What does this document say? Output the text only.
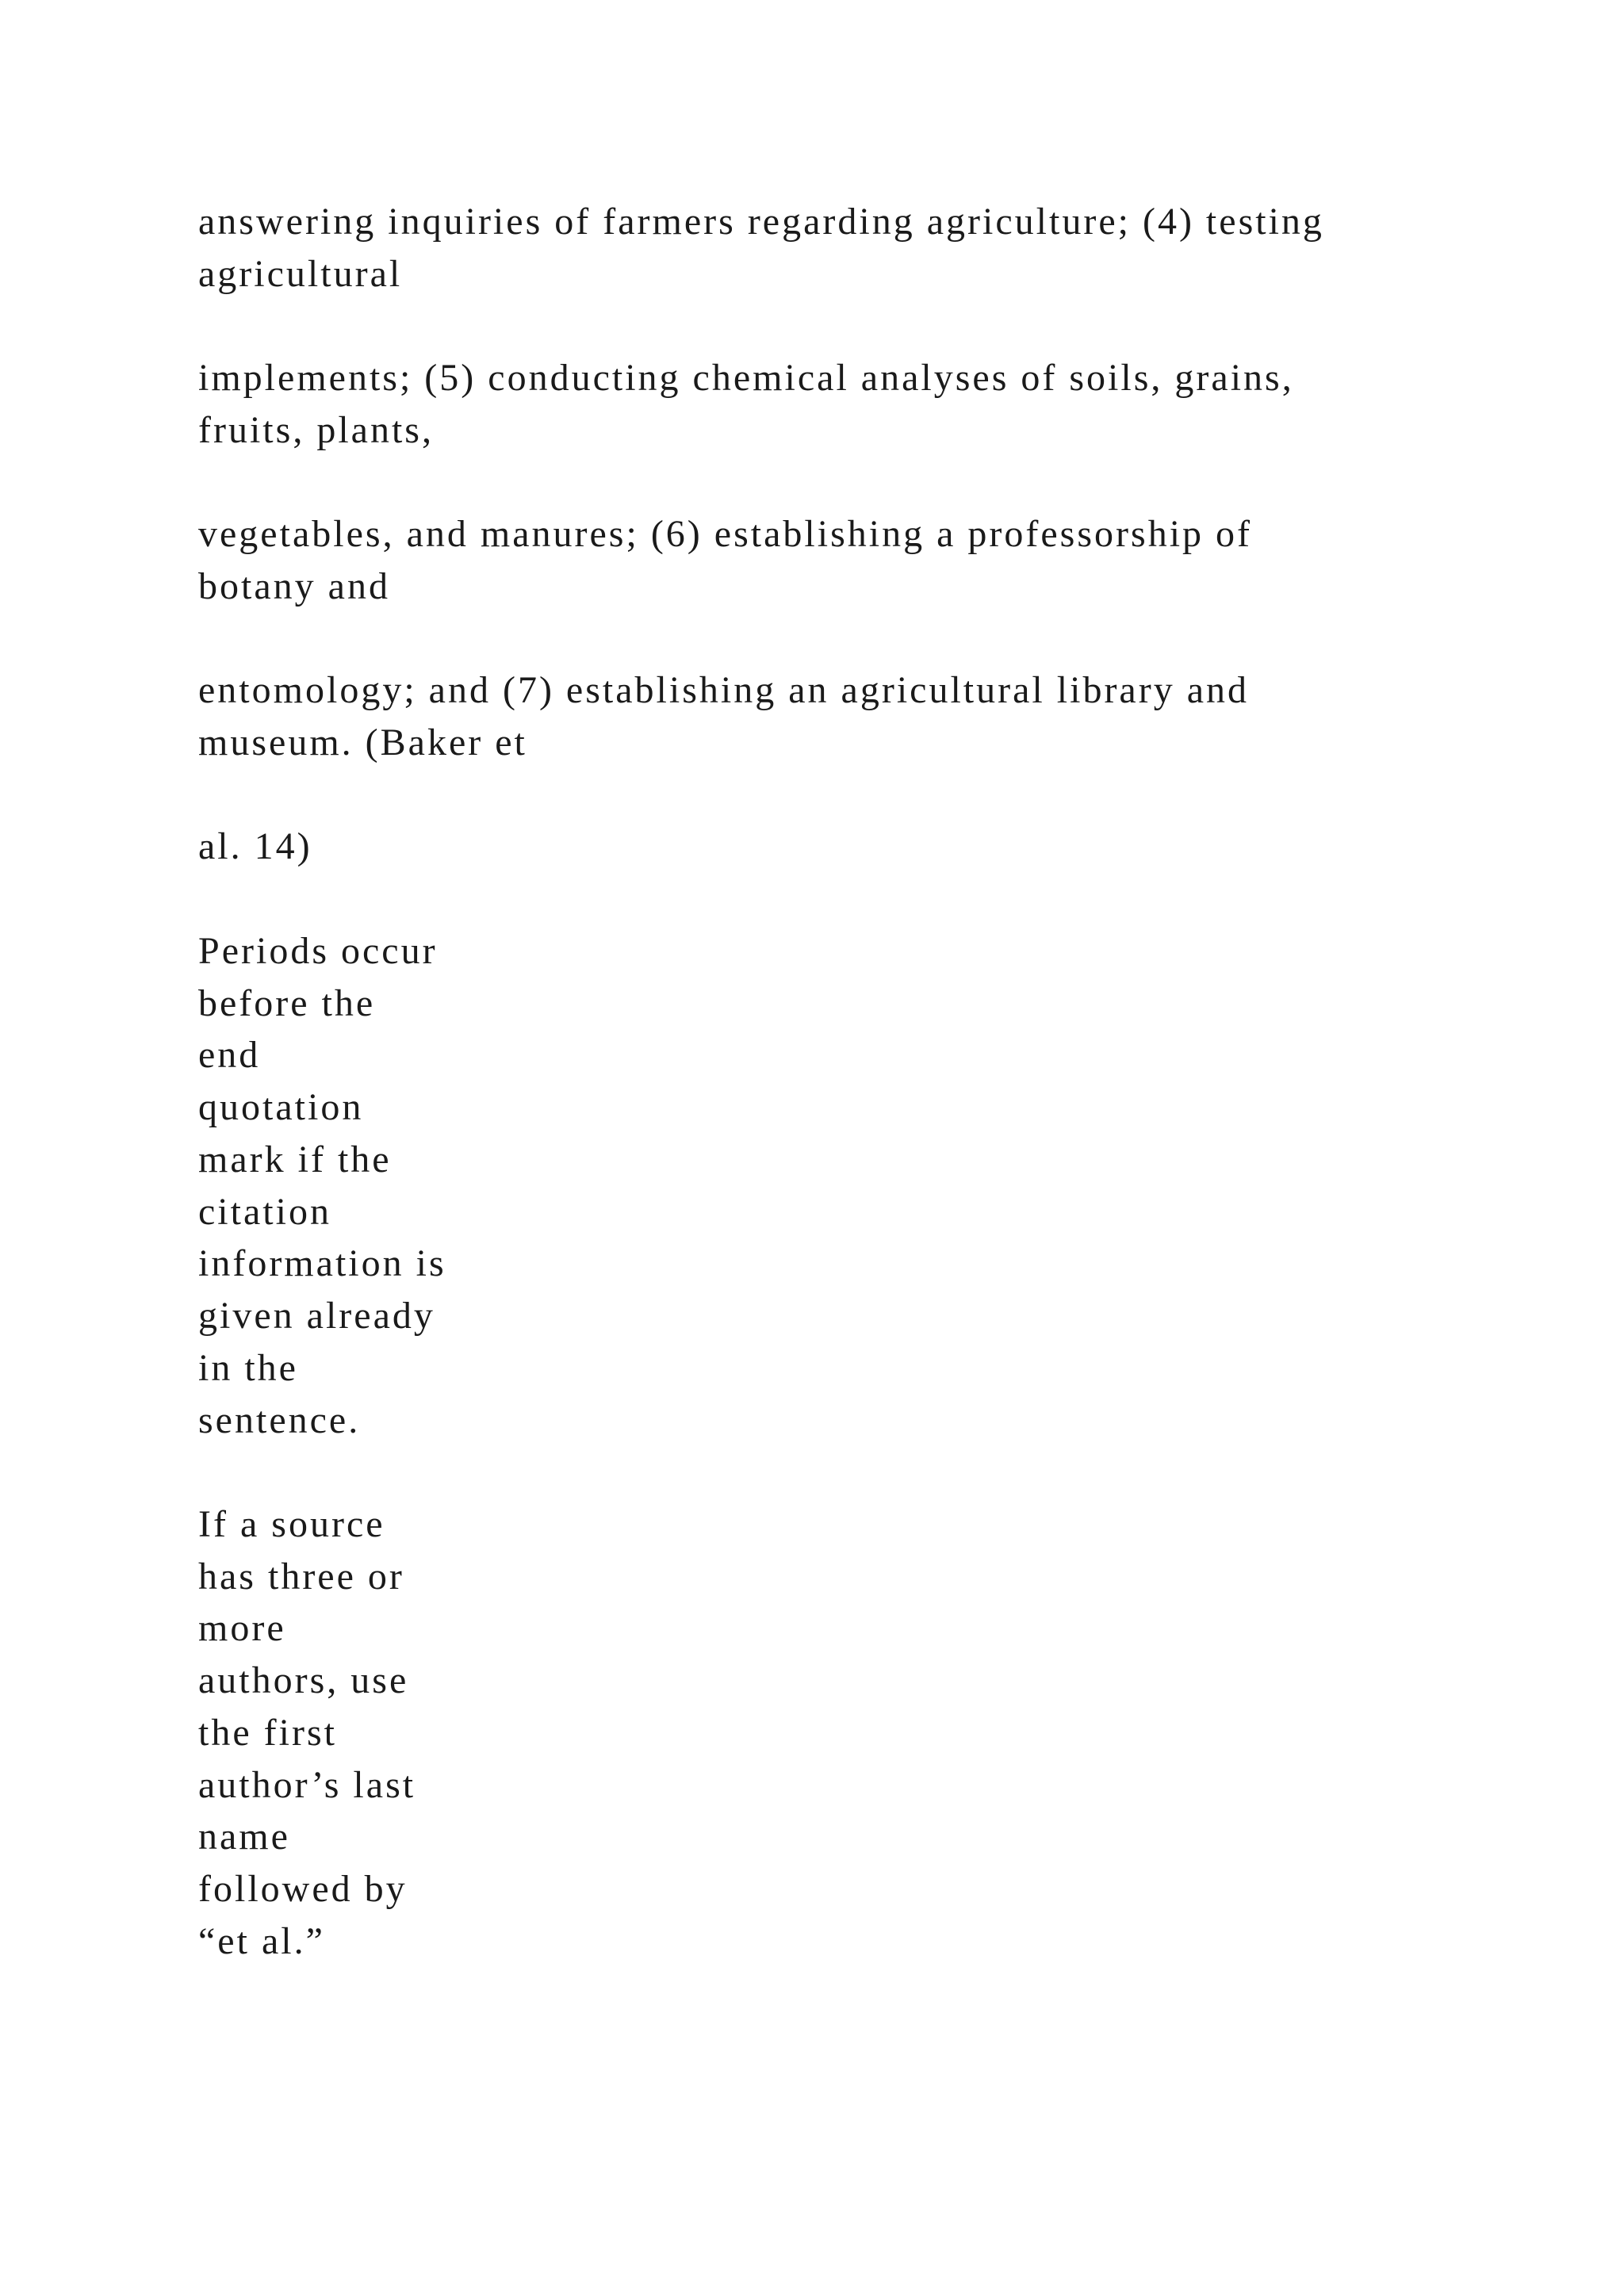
answering inquiries of farmers regarding agriculture; (4) testing

agricultural

implements; (5) conducting chemical analyses of soils, grains,

fruits, plants,

vegetables, and manures; (6) establishing a professorship of

botany and

entomology; and (7) establishing an agricultural library and

museum. (Baker et

al. 14)

Periods occur

before the

end

quotation

mark if the

citation

information is

given already

in the

sentence.

If a source

has three or

more

authors, use

the first

author’s last

name

followed by

“et al.”
